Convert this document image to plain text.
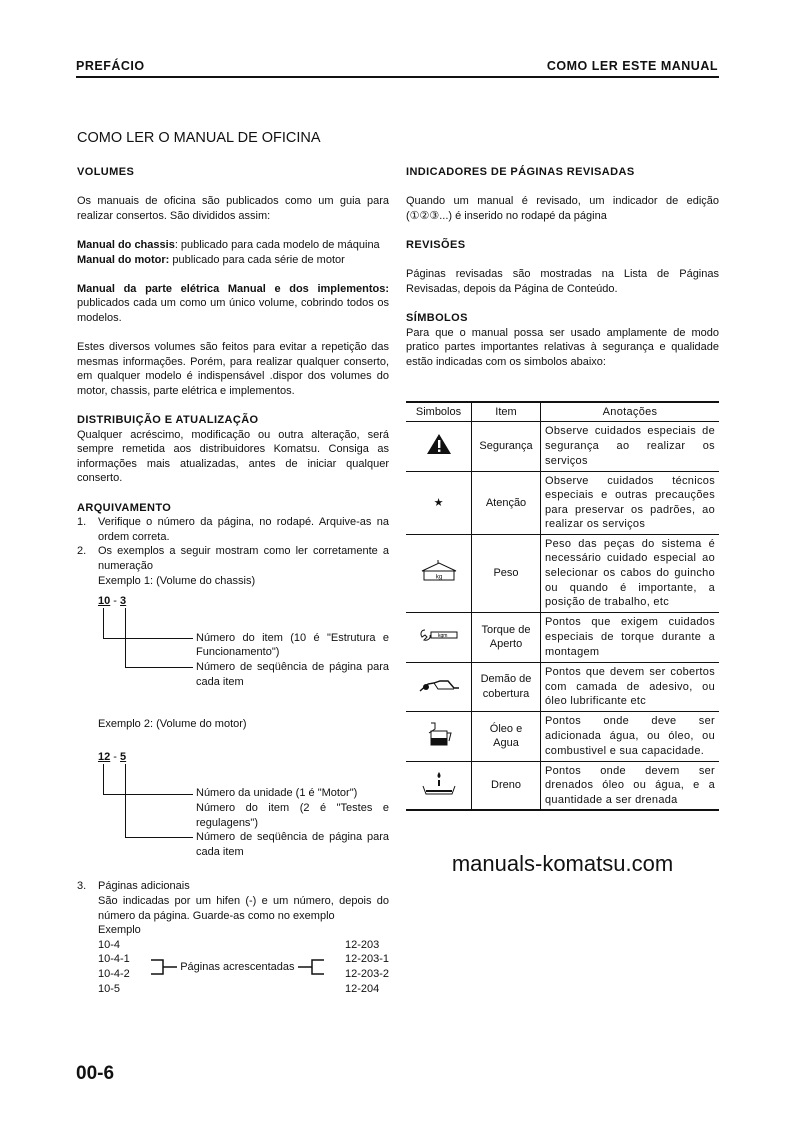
PREFÁCIO	COMO LER ESTE MANUAL
COMO LER O MANUAL DE OFICINA
VOLUMES
Os manuais de oficina são publicados como um guia para realizar consertos. São divididos assim:
Manual do chassis: publicado para cada modelo de máquina
Manual do motor: publicado para cada série de motor
Manual da parte elétrica Manual e dos implementos: publicados cada um como um único volume, cobrindo todos os modelos.
Estes diversos volumes são feitos para evitar a repetição das mesmas informações. Porém, para realizar qualquer conserto, em qualquer modelo é indispensável .dispor dos volumes do motor, chassis, parte elétrica e implementos.
DISTRIBUIÇÃO E ATUALIZAÇÃO
Qualquer acréscimo, modificação ou outra alteração, será sempre remetida aos distribuidores Komatsu. Consiga as informações mais atualizadas, antes de iniciar qualquer conserto.
ARQUIVAMENTO
1. Verifique o número da página, no rodapé. Arquive-as na ordem correta.
2. Os exemplos a seguir mostram como ler corretamente a numeração
Exemplo 1: (Volume do chassis)
10 - 3
Número do item (10 é "Estrutura e Funcionamento")
Número de seqüência de página para cada item
Exemplo 2: (Volume do motor)
12 - 5
Número da unidade (1 é "Motor")
Número do item (2 é "Testes e regulagens")
Número de seqüência de página para cada item
3. Páginas adicionais
São indicadas por um hifen (-) e um número, depois do número da página. Guarde-as como no exemplo
Exemplo
10-4
10-4-1
10-4-2
10-5
Páginas acrescentadas
12-203
12-203-1
12-203-2
12-204
INDICADORES DE PÁGINAS REVISADAS
Quando um manual é revisado, um indicador de edição (①②③...) é inserido no rodapé da página
REVISÕES
Páginas revisadas são mostradas na Lista de Páginas Revisadas, depois da Página de Conteúdo.
SÍMBOLOS
Para que o manual possa ser usado amplamente de modo pratico partes importantes relativas à segurança e qualidade estão indicadas com os simbolos abaixo:
Simbolos	Item	Anotações
	Segurança	Observe cuidados especiais de segurança ao realizar os serviços
★	Atenção	Observe cuidados técnicos especiais e outras precauções para preservar os padrões, ao realizar os serviços

kg	Peso	Peso das peças do sistema é necessário cuidado especial ao selecionar os cabos do guincho ou quando é importante, a posição de trabalho, etc

kgm	Torque de Aperto	Pontos que exigem cuidados especiais de torque durante a montagem
	Demão de cobertura	Pontos que devem ser cobertos com camada de adesivo, ou óleo lubrificante etc
	Óleo e Agua	Pontos onde deve ser adicionada água, ou óleo, ou combustivel e sua capacidade.
	Dreno	Pontos onde devem ser drenados óleo ou água, e a quantidade a ser drenada
manuals-komatsu.com
00-6
